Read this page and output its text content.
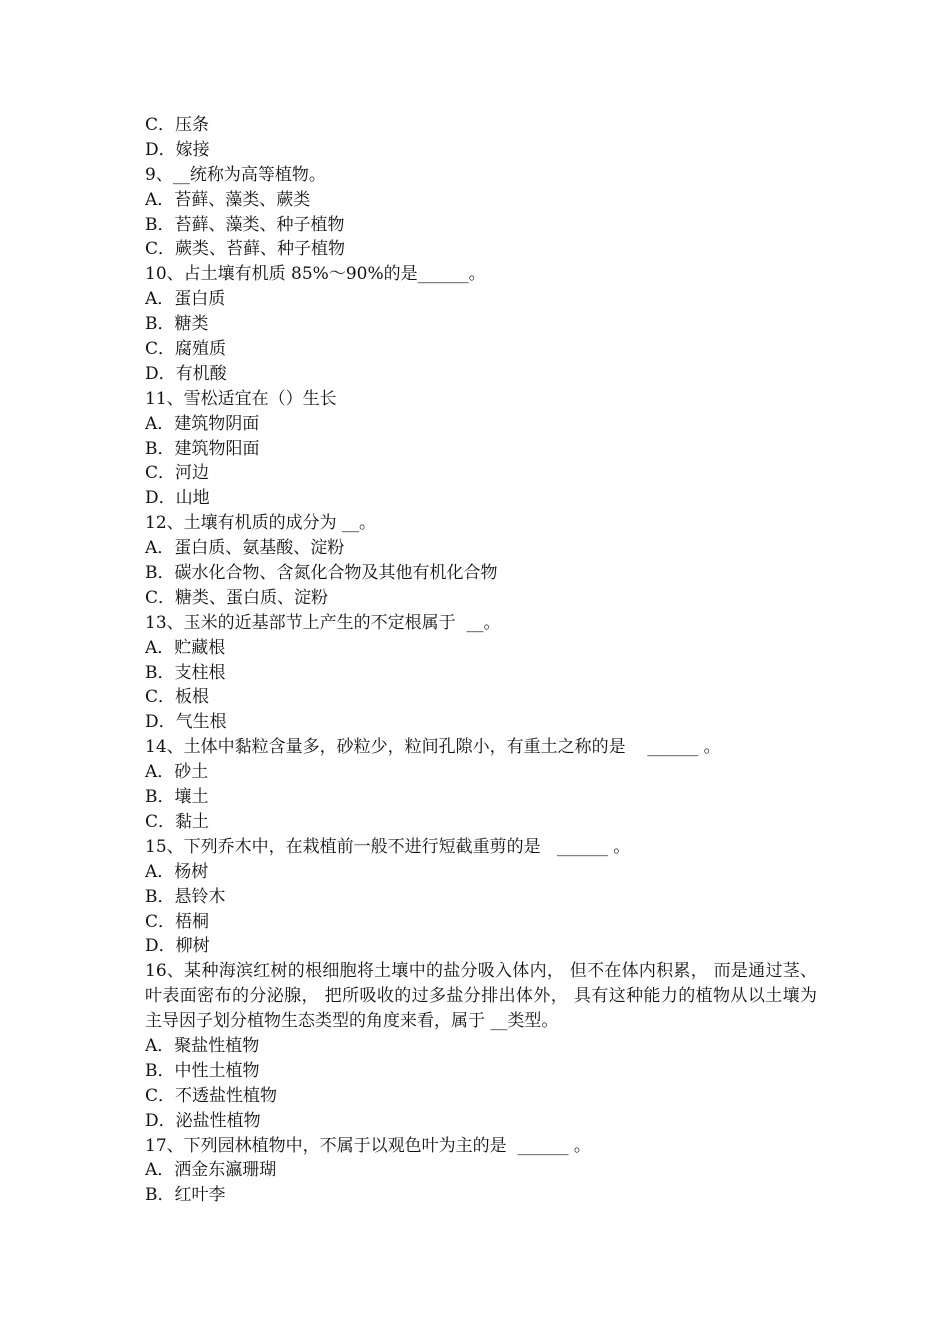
C．压条
D．嫁接
9、__统称为高等植物。
A．苔藓、藻类、蕨类
B．苔藓、藻类、种子植物
C．蕨类、苔藓、种子植物
10、占土壤有机质 85%～90%的是______。
A．蛋白质
B．糖类
C．腐殖质
D．有机酸
11、雪松适宜在（）生长
A．建筑物阴面
B．建筑物阳面
C．河边
D．山地
12、土壤有机质的成分为 __。
A．蛋白质、氨基酸、淀粉
B．碳水化合物、含氮化合物及其他有机化合物
C．糖类、蛋白质、淀粉
13、玉米的近基部节上产生的不定根属于  __。
A．贮藏根
B．支柱根
C．板根
D．气生根
14、土体中黏粒含量多，砂粒少，粒间孔隙小，有重土之称的是    ______ 。
A．砂土
B．壤土
C．黏土
15、下列乔木中，在栽植前一般不进行短截重剪的是   ______ 。
A．杨树
B．悬铃木
C．梧桐
D．柳树
16、某种海滨红树的根细胞将土壤中的盐分吸入体内， 但不在体内积累， 而是通过茎、叶表面密布的分泌腺， 把所吸收的过多盐分排出体外， 具有这种能力的植物从以土壤为主导因子划分植物生态类型的角度来看，属于 __类型。
A．聚盐性植物
B．中性土植物
C．不透盐性植物
D．泌盐性植物
17、下列园林植物中，不属于以观色叶为主的是  ______ 。
A．洒金东瀛珊瑚
B．红叶李
